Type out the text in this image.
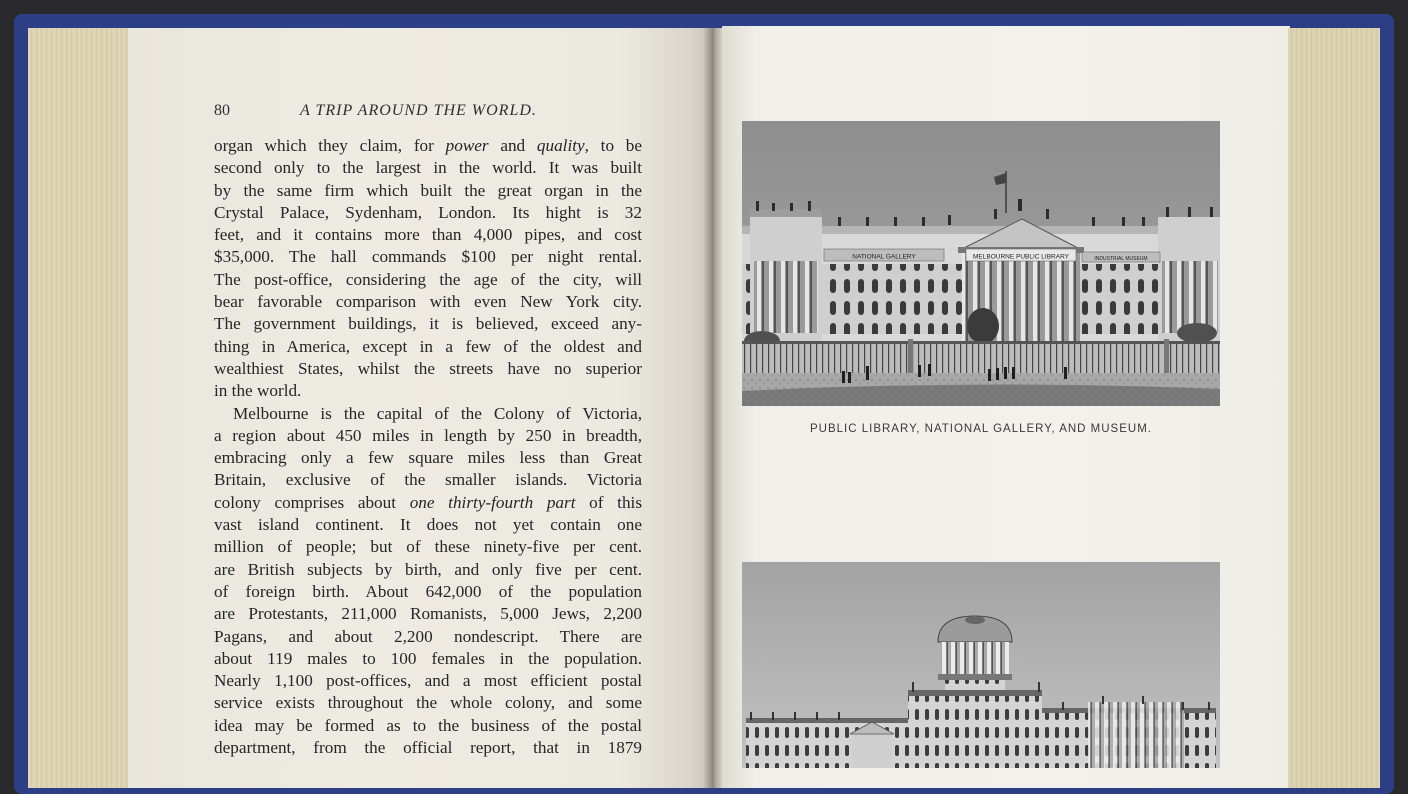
80	A TRIP AROUND THE WORLD.
organ which they claim, for power and quality, to be
second only to the largest in the world. It was built
by the same firm which built the great organ in the
Crystal Palace, Sydenham, London. Its hight is 32
feet, and it contains more than 4,000 pipes, and cost
$35,000. The hall commands $100 per night rental.
The post-office, considering the age of the city, will
bear favorable comparison with even New York city.
The government buildings, it is believed, exceed any-
thing in America, except in a few of the oldest and
wealthiest States, whilst the streets have no superior
in the world.
Melbourne is the capital of the Colony of Victoria,
a region about 450 miles in length by 250 in breadth,
embracing only a few square miles less than Great
Britain, exclusive of the smaller islands. Victoria
colony comprises about one thirty-fourth part of this
vast island continent. It does not yet contain one
million of people; but of these ninety-five per cent.
are British subjects by birth, and only five per cent.
of foreign birth. About 642,000 of the population
are Protestants, 211,000 Romanists, 5,000 Jews, 2,200
Pagans, and about 2,200 nondescript. There are
about 119 males to 100 females in the population.
Nearly 1,100 post-offices, and a most efficient postal
service exists throughout the whole colony, and some
idea may be formed as to the business of the postal
department, from the official report, that in 1879
NATIONAL GALLERY	MELBOURNE PUBLIC LIBRARY	INDUSTRIAL MUSEUM
PUBLIC LIBRARY, NATIONAL GALLERY, AND MUSEUM.
